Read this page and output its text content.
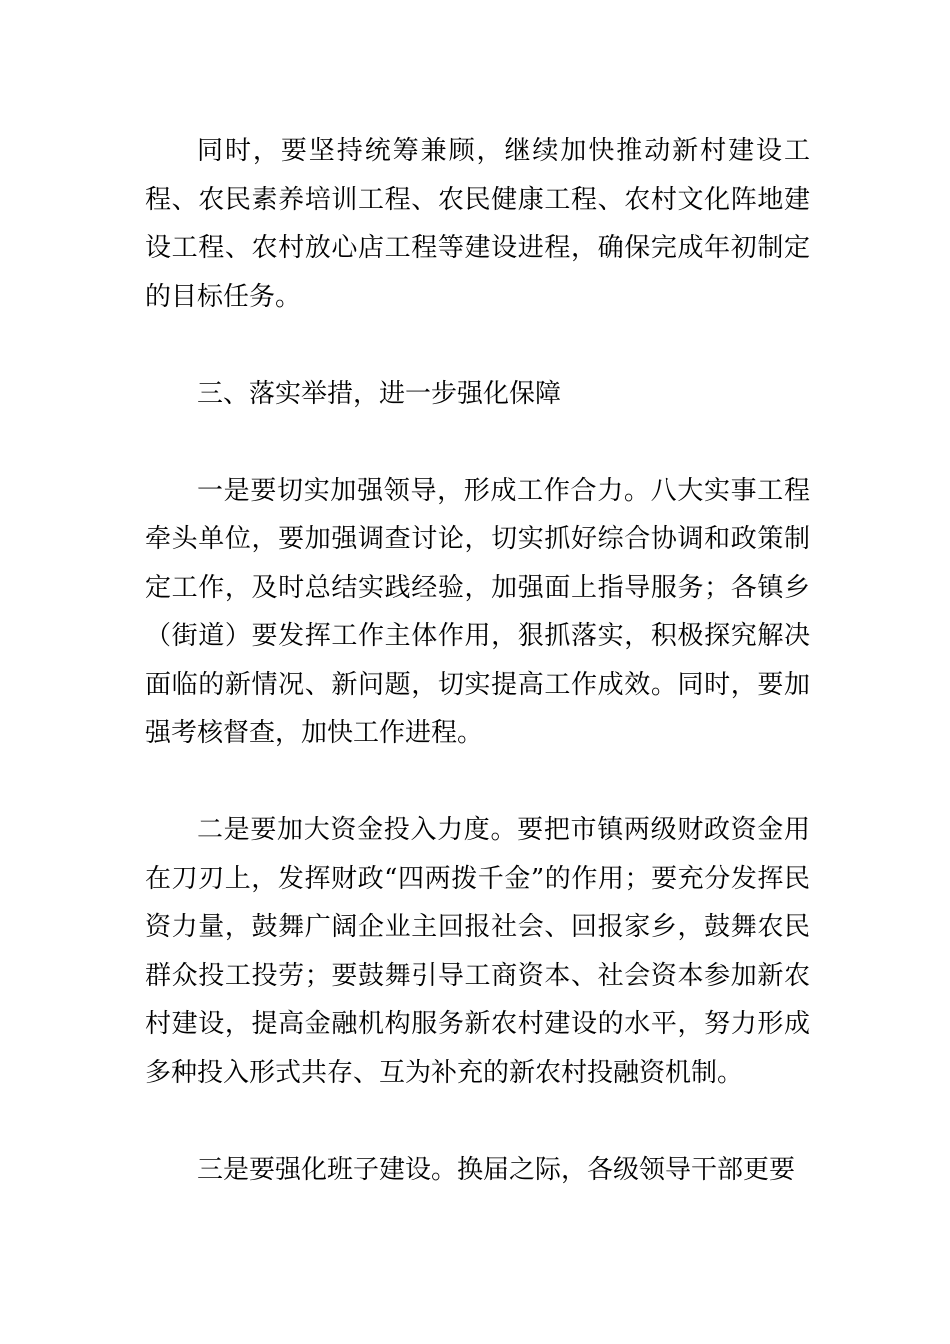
同时，要坚持统筹兼顾，继续加快推动新村建设工程、农民素养培训工程、农民健康工程、农村文化阵地建设工程、农村放心店工程等建设进程，确保完成年初制定的目标任务。

三、落实举措，进一步强化保障

一是要切实加强领导，形成工作合力。八大实事工程牵头单位，要加强调查讨论，切实抓好综合协调和政策制定工作，及时总结实践经验，加强面上指导服务；各镇乡（街道）要发挥工作主体作用，狠抓落实，积极探究解决面临的新情况、新问题，切实提高工作成效。同时，要加强考核督查，加快工作进程。

二是要加大资金投入力度。要把市镇两级财政资金用在刀刃上，发挥财政“四两拨千金”的作用；要充分发挥民资力量，鼓舞广阔企业主回报社会、回报家乡，鼓舞农民群众投工投劳；要鼓舞引导工商资本、社会资本参加新农村建设，提高金融机构服务新农村建设的水平，努力形成多种投入形式共存、互为补充的新农村投融资机制。

三是要强化班子建设。换届之际，各级领导干部更要
